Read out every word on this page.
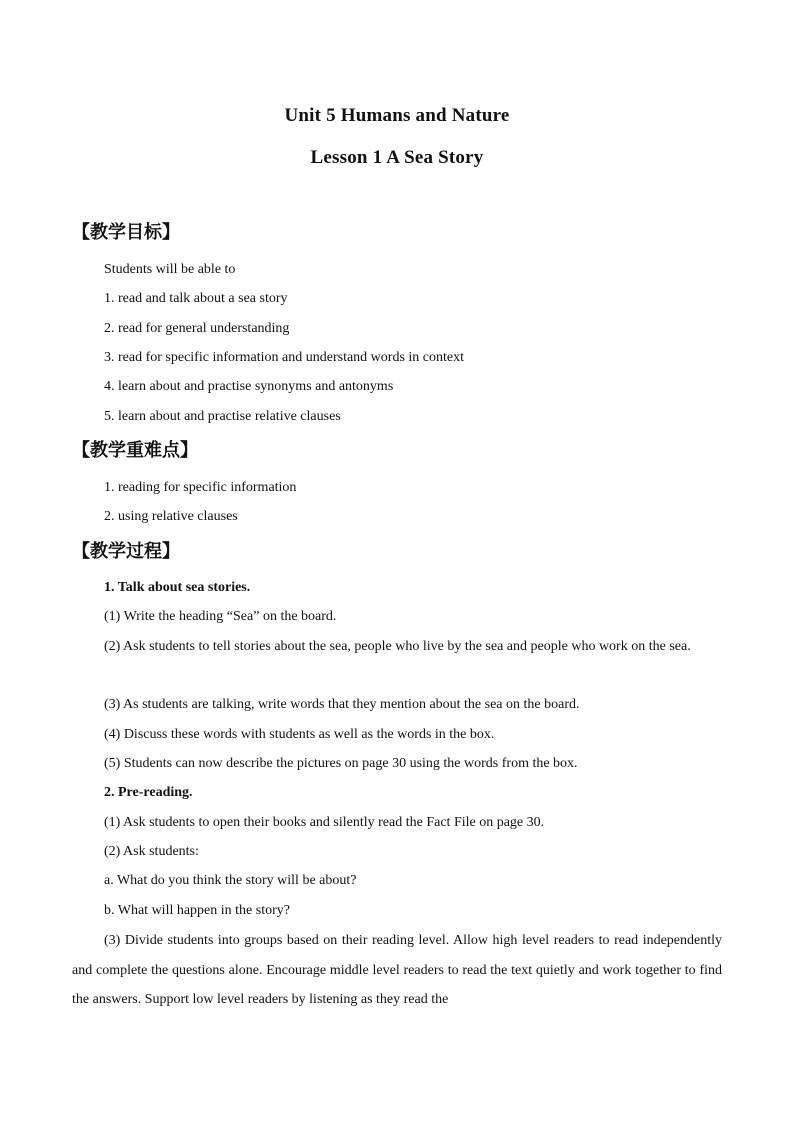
Unit 5 Humans and Nature
Lesson 1 A Sea Story
【教学目标】
Students will be able to
1. read and talk about a sea story
2. read for general understanding
3. read for specific information and understand words in context
4. learn about and practise synonyms and antonyms
5. learn about and practise relative clauses
【教学重难点】
1. reading for specific information
2. using relative clauses
【教学过程】
1. Talk about sea stories.
(1) Write the heading “Sea” on the board.
(2) Ask students to tell stories about the sea, people who live by the sea and people who work on the sea.
(3) As students are talking, write words that they mention about the sea on the board.
(4) Discuss these words with students as well as the words in the box.
(5) Students can now describe the pictures on page 30 using the words from the box.
2. Pre-reading.
(1) Ask students to open their books and silently read the Fact File on page 30.
(2) Ask students:
a. What do you think the story will be about?
b. What will happen in the story?
(3) Divide students into groups based on their reading level. Allow high level readers to read independently and complete the questions alone. Encourage middle level readers to read the text quietly and work together to find the answers. Support low level readers by listening as they read the
